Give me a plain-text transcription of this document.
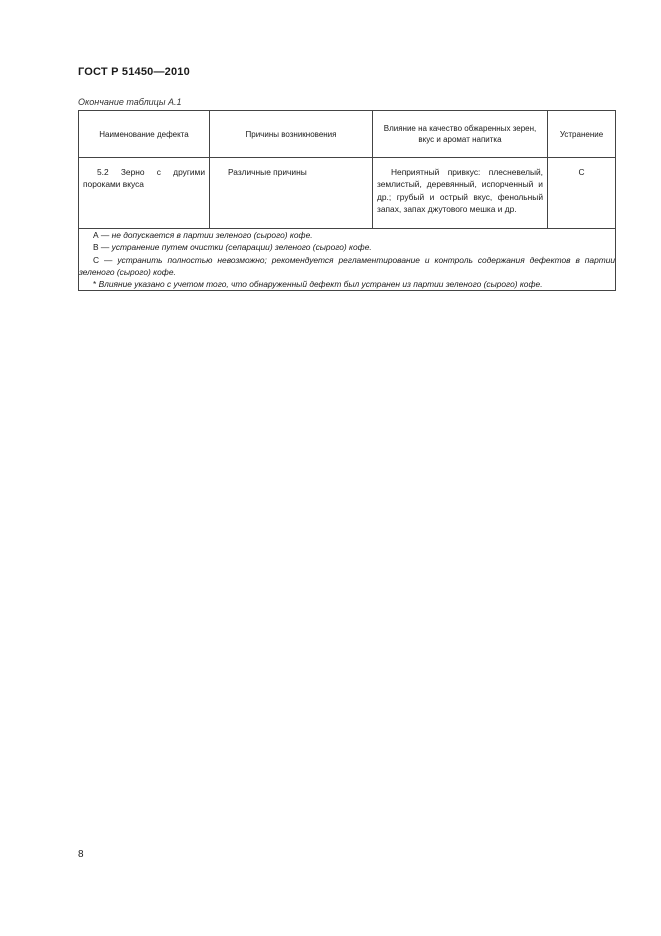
ГОСТ Р 51450—2010
Окончание таблицы А.1
Наименование дефекта	Причины возникновения	Влияние на качество обжаренных зерен, вкус и аромат напитка	Устранение
5.2 Зерно с другими пороками вкуса	Различные причины	Неприятный привкус: плесневелый, землистый, деревянный, испорченный и др.; грубый и острый вкус, фенольный запах, запах джутового мешка и др.	С

А — не допускается в партии зеленого (сырого) кофе.
В — устранение путем очистки (сепарации) зеленого (сырого) кофе.
С — устранить полностью невозможно; рекомендуется регламентирование и контроль содержания дефектов в партии зеленого (сырого) кофе.
* Влияние указано с учетом того, что обнаруженный дефект был устранен из партии зеленого (сырого) кофе.			
8
